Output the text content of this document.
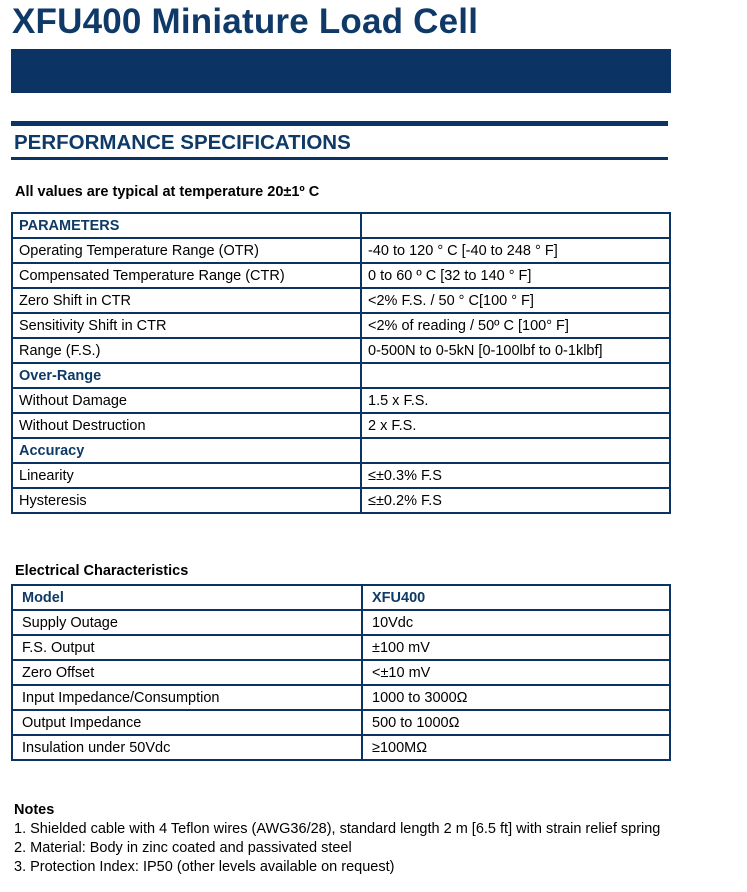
XFU400 Miniature Load Cell
PERFORMANCE SPECIFICATIONS
All values are typical at temperature 20±1º C
PARAMETERS	
Operating Temperature Range (OTR)	-40 to 120 ° C [-40 to 248 ° F]
Compensated Temperature Range (CTR)	0 to 60 º C [32 to 140 ° F]
Zero Shift in CTR	<2% F.S. / 50 ° C[100 ° F]
Sensitivity Shift in CTR	<2% of reading / 50º C [100° F]
Range (F.S.)	0-500N to 0-5kN [0-100lbf to 0-1klbf]
Over-Range	
Without Damage	1.5 x F.S.
Without Destruction	2 x F.S.
Accuracy	
Linearity	≤±0.3% F.S
Hysteresis	≤±0.2% F.S
Electrical Characteristics
Model	XFU400
Supply Outage	10Vdc
F.S. Output	±100 mV
Zero Offset	<±10 mV
Input Impedance/Consumption	1000 to 3000Ω
Output Impedance	500 to 1000Ω
Insulation under 50Vdc	≥100MΩ
Notes
1. Shielded cable with 4 Teflon wires (AWG36/28), standard length 2 m [6.5 ft] with strain relief spring
2. Material: Body in zinc coated and passivated steel
3. Protection Index: IP50 (other levels available on request)
